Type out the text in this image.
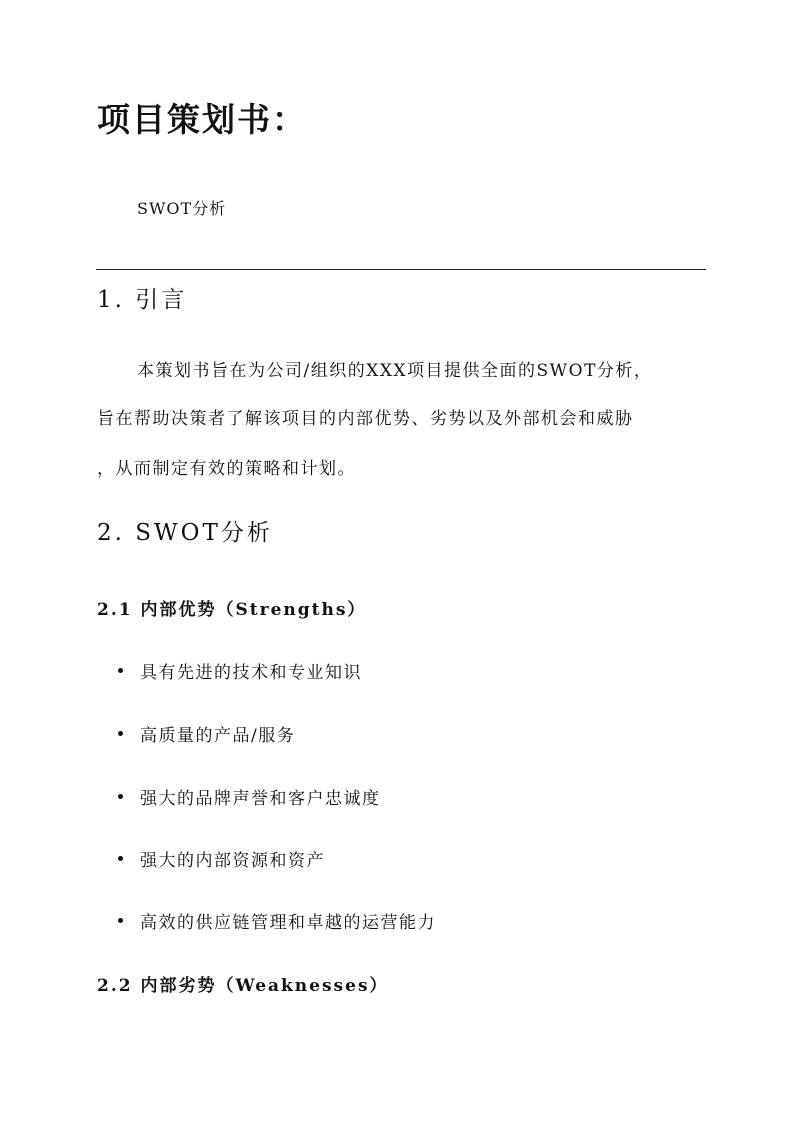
项目策划书：
SWOT分析
1. 引言
本策划书旨在为公司/组织的XXX项目提供全面的SWOT分析，
旨在帮助决策者了解该项目的内部优势、劣势以及外部机会和威胁
，从而制定有效的策略和计划。
2. SWOT分析
2.1 内部优势（Strengths）
具有先进的技术和专业知识
高质量的产品/服务
强大的品牌声誉和客户忠诚度
强大的内部资源和资产
高效的供应链管理和卓越的运营能力
2.2 内部劣势（Weaknesses）
